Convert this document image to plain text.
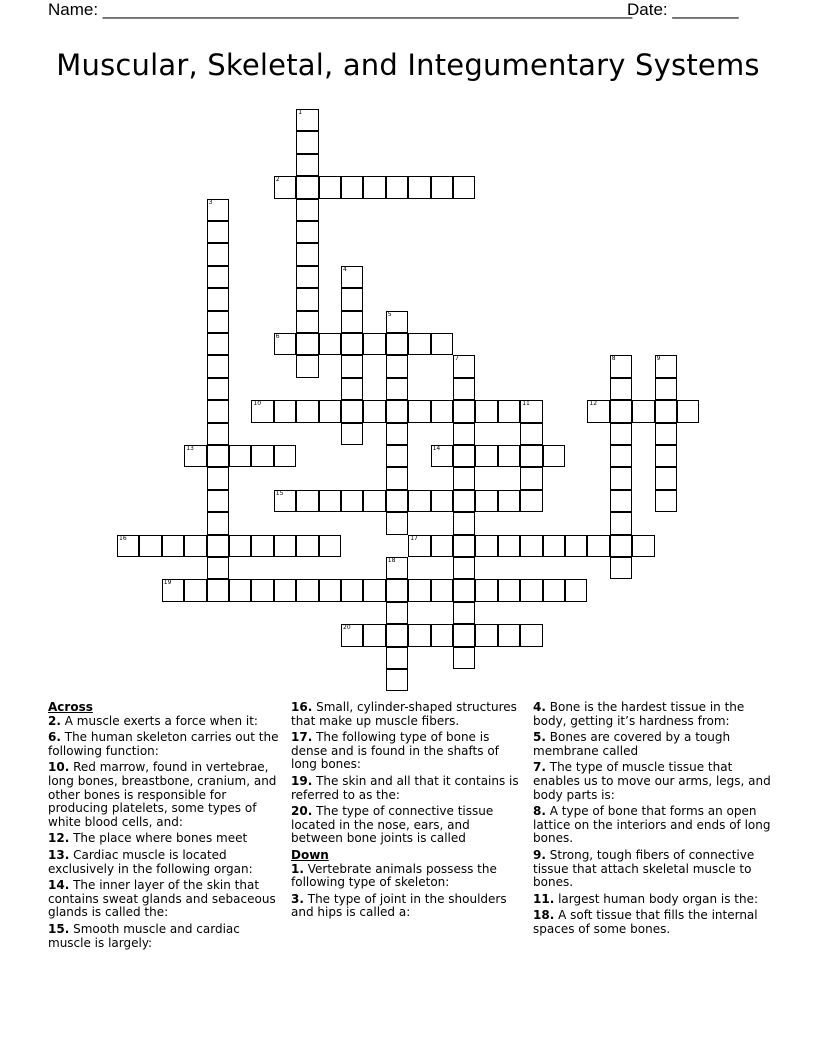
Name: ________________________________________________________
Date: _______
Muscular, Skeletal, and Integumentary Systems
1
2
3
4
5
6
7	8	9
10	11	12
13	14
15
16	17
18
19
20
Across
2. A muscle exerts a force when it:
6. The human skeleton carries out the following function:
10. Red marrow, found in vertebrae, long bones, breastbone, cranium, and other bones is responsible for producing platelets, some types of white blood cells, and:
12. The place where bones meet
13. Cardiac muscle is located exclusively in the following organ:
14. The inner layer of the skin that contains sweat glands and sebaceous glands is called the:
15. Smooth muscle and cardiac muscle is largely:
16. Small, cylinder-shaped structures that make up muscle fibers.
17. The following type of bone is dense and is found in the shafts of long bones:
19. The skin and all that it contains is referred to as the:
20. The type of connective tissue located in the nose, ears, and between bone joints is called
Down
1. Vertebrate animals possess the following type of skeleton:
3. The type of joint in the shoulders and hips is called a:
4. Bone is the hardest tissue in the body, getting it’s hardness from:
5. Bones are covered by a tough membrane called
7. The type of muscle tissue that enables us to move our arms, legs, and body parts is:
8. A type of bone that forms an open lattice on the interiors and ends of long bones.
9. Strong, tough fibers of connective tissue that attach skeletal muscle to bones.
11. largest human body organ is the:
18. A soft tissue that fills the internal spaces of some bones.
